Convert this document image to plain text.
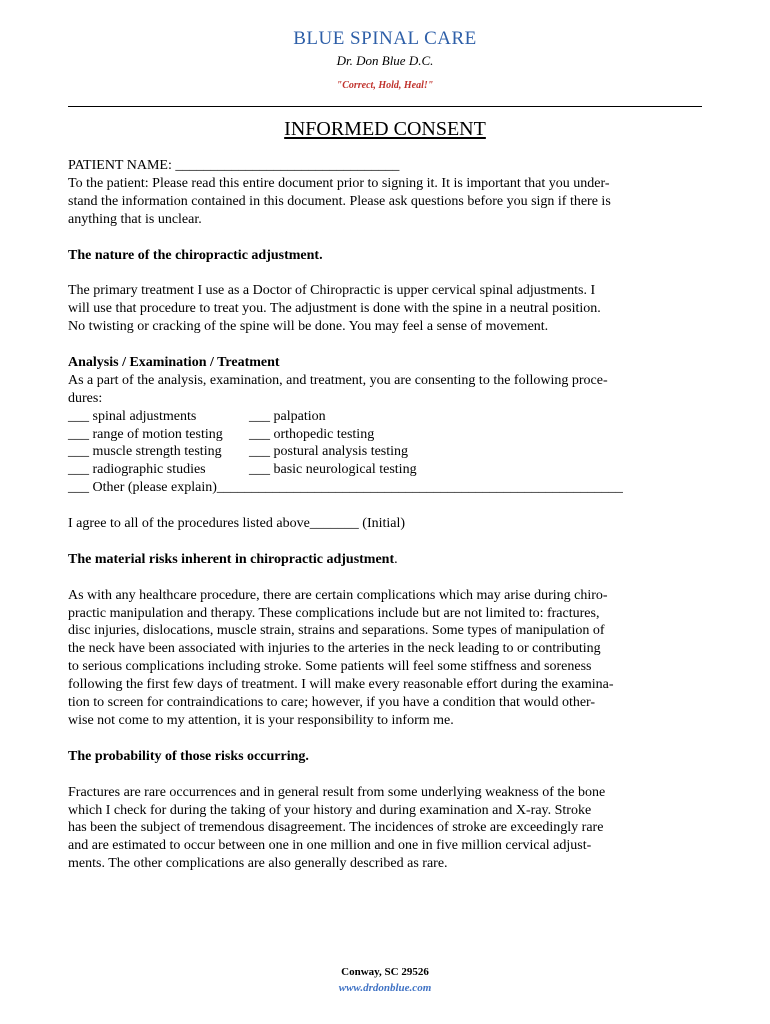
BLUE SPINAL CARE
Dr. Don Blue D.C.
"Correct, Hold, Heal!"
INFORMED CONSENT

PATIENT NAME: ________________________________

To the patient: Please read this entire document prior to signing it. It is important that you under-

stand the information contained in this document. Please ask questions before you sign if there is

anything that is unclear.

The nature of the chiropractic adjustment.

The primary treatment I use as a Doctor of Chiropractic is upper cervical spinal adjustments. I

will use that procedure to treat you. The adjustment is done with the spine in a neutral position.

No twisting or cracking of the spine will be done. You may feel a sense of movement.

Analysis / Examination / Treatment

As a part of the analysis, examination, and treatment, you are consenting to the following proce-

dures:

___ spinal adjustments	___ palpation
___ range of motion testing	___ orthopedic testing
___ muscle strength testing	___ postural analysis testing
___ radiographic studies	___ basic neurological testing

___ Other (please explain)__________________________________________________________

I agree to all of the procedures listed above_______ (Initial)

The material risks inherent in chiropractic adjustment.

As with any healthcare procedure, there are certain complications which may arise during chiro-

practic manipulation and therapy. These complications include but are not limited to: fractures,

disc injuries, dislocations, muscle strain, strains and separations. Some types of manipulation of

the neck have been associated with injuries to the arteries in the neck leading to or contributing

to serious complications including stroke. Some patients will feel some stiffness and soreness

following the first few days of treatment. I will make every reasonable effort during the examina-

tion to screen for contraindications to care; however, if you have a condition that would other-

wise not come to my attention, it is your responsibility to inform me.

The probability of those risks occurring.

Fractures are rare occurrences and in general result from some underlying weakness of the bone

which I check for during the taking of your history and during examination and X-ray. Stroke

has been the subject of tremendous disagreement. The incidences of stroke are exceedingly rare

and are estimated to occur between one in one million and one in five million cervical adjust-

ments. The other complications are also generally described as rare.

Conway, SC 29526
www.drdonblue.com
